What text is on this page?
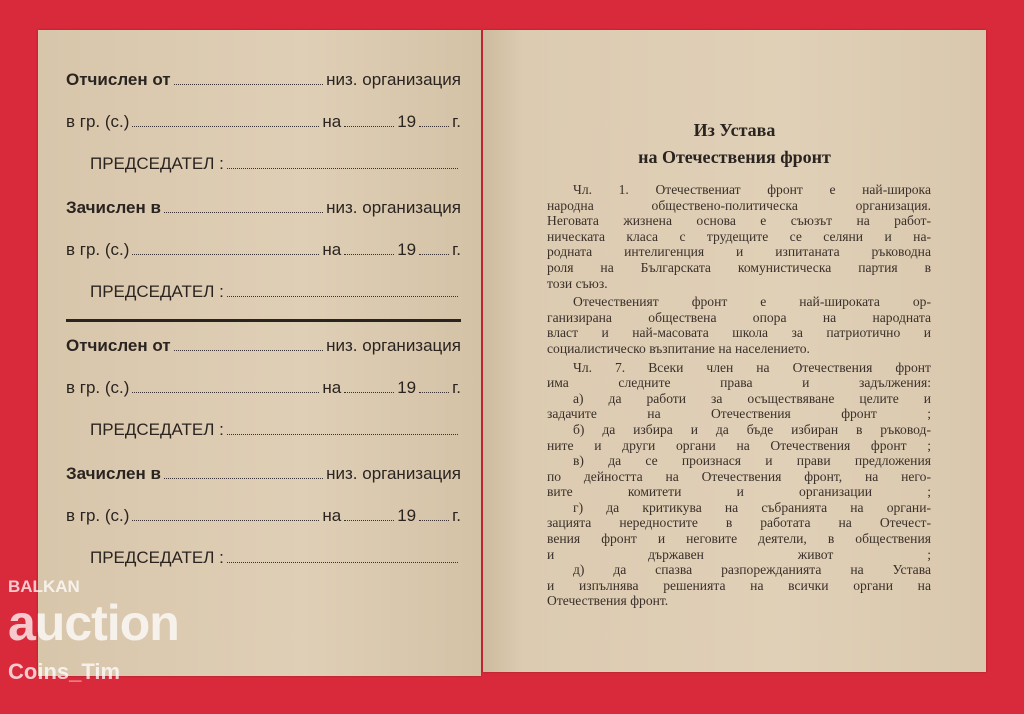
Отчислен от	низ. организация
в гр. (с.)	на	19 г.
ПРЕДСЕДАТЕЛ :
Зачислен в	низ. организация
в гр. (с.)	на	19 г.
ПРЕДСЕДАТЕЛ :
Отчислен от	низ. организация
в гр. (с.)	на	19 г.
ПРЕДСЕДАТЕЛ :
Зачислен в	низ. организация
в гр. (с.)	на	19 г.
ПРЕДСЕДАТЕЛ :
Из Устава
на Отечествения фронт
Чл. 1. Отечествениат фронт е най-широка
народна обществено-политическа организация.
Неговата жизнена основа е съюзът на работ-
ническата класа с трудещите се селяни и на-
родната интелигенция и изпитаната ръководна
роля на Българската комунистическа партия в
този съюз.
Отечественият фронт е най-широката ор-
ганизирана обществена опора на народната
власт и най-масовата школа за патриотично и
социалистическо възпитание на населението.
Чл. 7. Всеки член на Отечествения фронт
има следните права и задължения:
а) да работи за осъществяване целите и
задачите на Отечествения фронт ;
б) да избира и да бъде избиран в ръковод-
ните и други органи на Отечествения фронт ;
в) да се произнася и прави предложения
по дейността на Отечествения фронт, на него-
вите комитети и организации ;
г) да критикува на събранията на органи-
зацията нередностите в работата на Отечест-
вения фронт и неговите деятели, в обществения
и държавен живот ;
д) да спазва разпорежданията на Устава
и изпълнява решенията на всички органи на
Отечествения фронт.
BALKAN
auction
Coins_Tim
